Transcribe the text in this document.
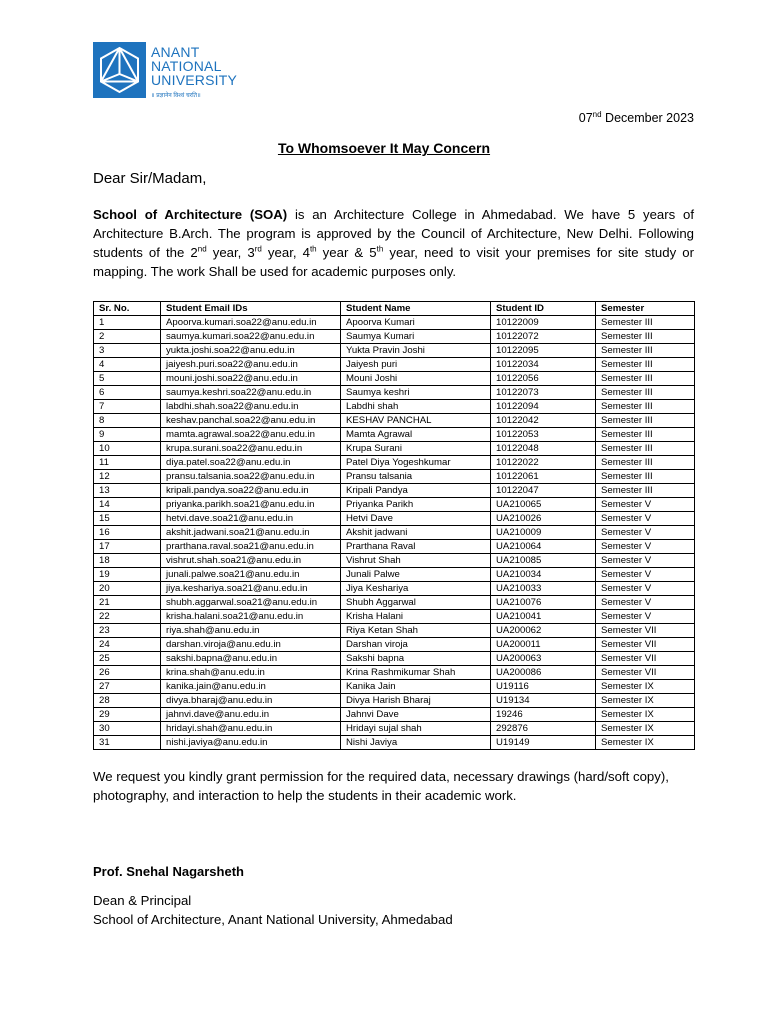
ANANT
NATIONAL
UNIVERSITY
॥ प्रज्ञानेन विश्वं चरति॥
07nd December 2023
To Whomsoever It May Concern
Dear Sir/Madam,
School of Architecture (SOA) is an Architecture College in Ahmedabad. We have 5 years of Architecture B.Arch. The program is approved by the Council of Architecture, New Delhi. Following students of the 2nd year, 3rd year, 4th year & 5th year, need to visit your premises for site study or mapping. The work Shall be used for academic purposes only.
Sr. No.	Student Email IDs	Student Name	Student ID	Semester
1	Apoorva.kumari.soa22@anu.edu.in	Apoorva Kumari	10122009	Semester III
2	saumya.kumari.soa22@anu.edu.in	Saumya Kumari	10122072	Semester III
3	yukta.joshi.soa22@anu.edu.in	Yukta Pravin Joshi	10122095	Semester III
4	jaiyesh.puri.soa22@anu.edu.in	Jaiyesh puri	10122034	Semester III
5	mouni.joshi.soa22@anu.edu.in	Mouni Joshi	10122056	Semester III
6	saumya.keshri.soa22@anu.edu.in	Saumya keshri	10122073	Semester III
7	labdhi.shah.soa22@anu.edu.in	Labdhi shah	10122094	Semester III
8	keshav.panchal.soa22@anu.edu.in	KESHAV PANCHAL	10122042	Semester III
9	mamta.agrawal.soa22@anu.edu.in	Mamta Agrawal	10122053	Semester III
10	krupa.surani.soa22@anu.edu.in	Krupa Surani	10122048	Semester III
11	diya.patel.soa22@anu.edu.in	Patel Diya Yogeshkumar	10122022	Semester III
12	pransu.talsania.soa22@anu.edu.in	Pransu talsania	10122061	Semester III
13	kripali.pandya.soa22@anu.edu.in	Kripali Pandya	10122047	Semester III
14	priyanka.parikh.soa21@anu.edu.in	Priyanka Parikh	UA210065	Semester V
15	hetvi.dave.soa21@anu.edu.in	Hetvi Dave	UA210026	Semester V
16	akshit.jadwani.soa21@anu.edu.in	Akshit jadwani	UA210009	Semester V
17	prarthana.raval.soa21@anu.edu.in	Prarthana Raval	UA210064	Semester V
18	vishrut.shah.soa21@anu.edu.in	Vishrut Shah	UA210085	Semester V
19	junali.palwe.soa21@anu.edu.in	Junali Palwe	UA210034	Semester V
20	jiya.keshariya.soa21@anu.edu.in	Jiya Keshariya	UA210033	Semester V
21	shubh.aggarwal.soa21@anu.edu.in	Shubh Aggarwal	UA210076	Semester V
22	krisha.halani.soa21@anu.edu.in	Krisha Halani	UA210041	Semester V
23	riya.shah@anu.edu.in	Riya Ketan Shah	UA200062	Semester VII
24	darshan.viroja@anu.edu.in	Darshan viroja	UA200011	Semester VII
25	sakshi.bapna@anu.edu.in	Sakshi bapna	UA200063	Semester VII
26	krina.shah@anu.edu.in	Krina Rashmikumar Shah	UA200086	Semester VII
27	kanika.jain@anu.edu.in	Kanika Jain	U19116	Semester IX
28	divya.bharaj@anu.edu.in	Divya Harish Bharaj	U19134	Semester IX
29	jahnvi.dave@anu.edu.in	Jahnvi Dave	19246	Semester IX
30	hridayi.shah@anu.edu.in	Hridayi sujal shah	292876	Semester IX
31	nishi.javiya@anu.edu.in	Nishi Javiya	U19149	Semester IX
We request you kindly grant permission for the required data, necessary drawings (hard/soft copy), photography, and interaction to help the students in their academic work.
Prof. Snehal Nagarsheth
Dean & Principal
School of Architecture, Anant National University, Ahmedabad
